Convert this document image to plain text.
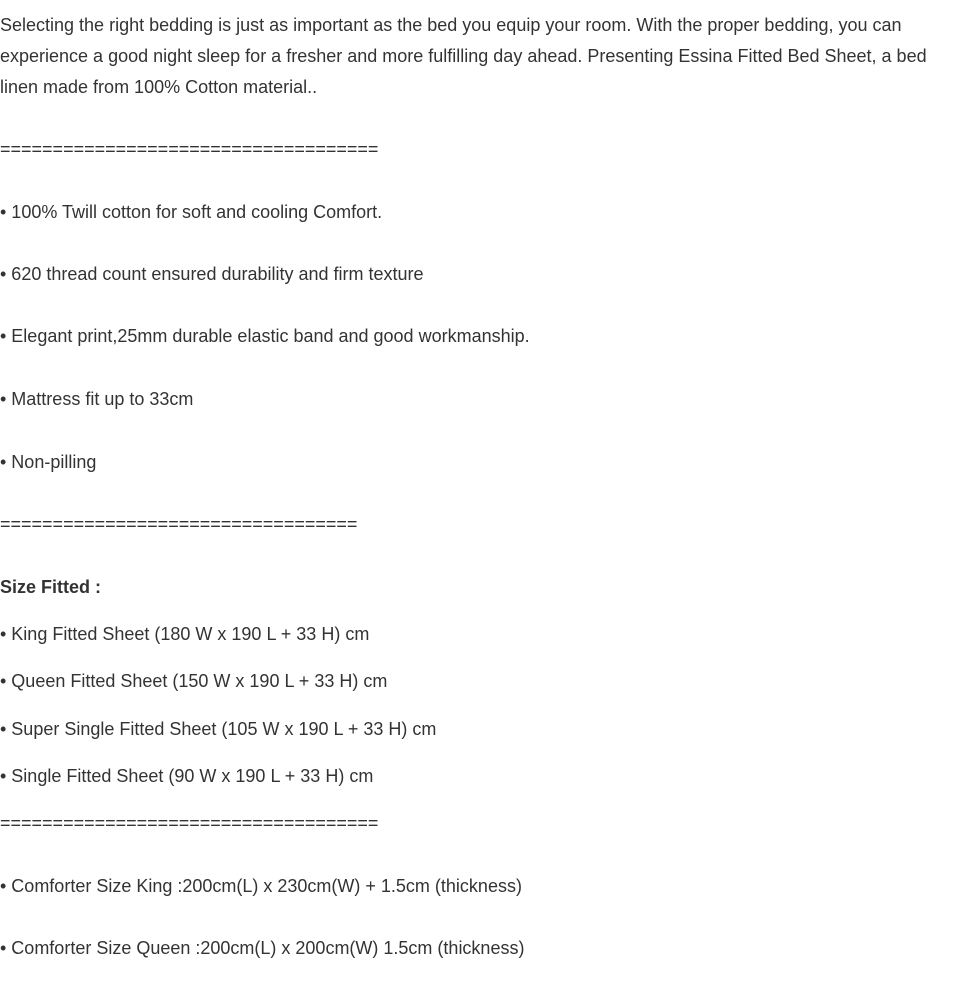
Selecting the right bedding is just as important as the bed you equip your room. With the proper bedding, you can experience a good night sleep for a fresher and more fulfilling day ahead. Presenting Essina Fitted Bed Sheet, a bed linen made from 100% Cotton material..

====================================

• 100% Twill cotton for soft and cooling Comfort.

• 620 thread count ensured durability and firm texture

• Elegant print,25mm durable elastic band and good workmanship.

• Mattress fit up to 33cm

• Non-pilling

==================================

Size Fitted :

• King Fitted Sheet (180 W x 190 L + 33 H) cm

• Queen Fitted Sheet (150 W x 190 L + 33 H) cm

• Super Single Fitted Sheet (105 W x 190 L + 33 H) cm

• Single Fitted Sheet (90 W x 190 L + 33 H) cm

====================================

• Comforter Size King :200cm(L) x 230cm(W) + 1.5cm (thickness)

• Comforter Size Queen :200cm(L) x 200cm(W) 1.5cm (thickness)
